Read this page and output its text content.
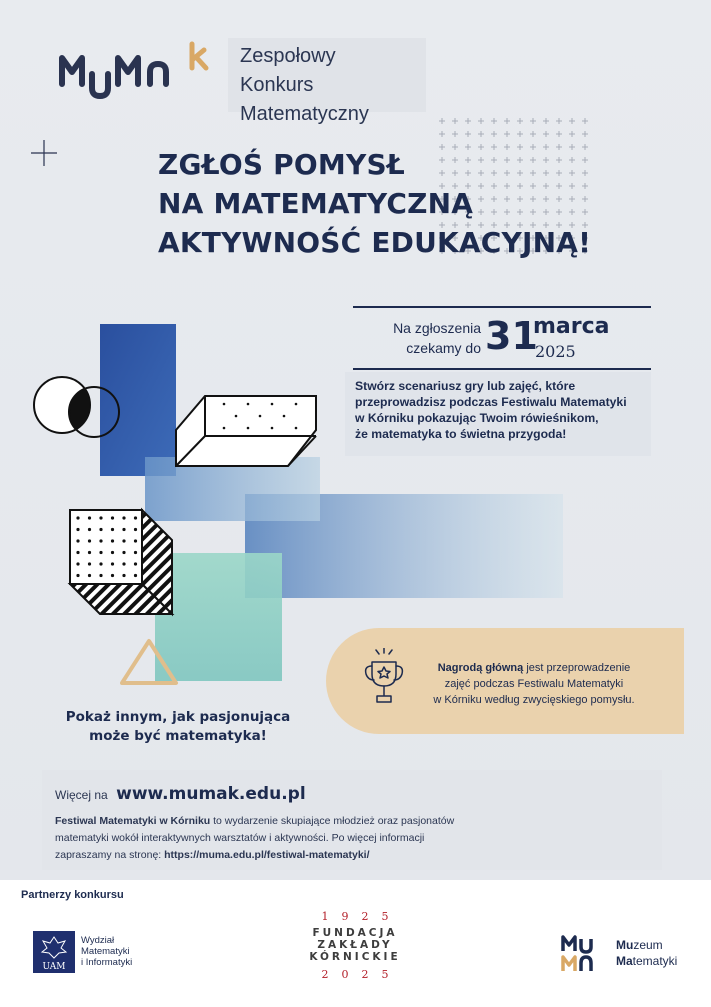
Zespołowy Konkurs
Matematyczny
ZGŁOŚ POMYSŁ
NA MATEMATYCZNĄ
AKTYWNOŚĆ EDUKACYJNĄ!
Na zgłoszenia
czekamy do 31
marca
2025
Stwórz scenariusz gry lub zajęć, które
przeprowadzisz podczas Festiwalu Matematyki
w Kórniku pokazując Twoim rówieśnikom,
że matematyka to świetna przygoda!
Nagrodą główną jest przeprowadzenie
zajęć podczas Festiwalu Matematyki
w Kórniku według zwycięskiego pomysłu.
Pokaż innym, jak pasjonująca
może być matematyka!
Więcej na www.mumak.edu.pl
Festiwal Matematyki w Kórniku to wydarzenie skupiające młodzież oraz pasjonatów
matematyki wokół interaktywnych warsztatów i aktywności. Po więcej informacji
zapraszamy na stronę: https://muma.edu.pl/festiwal-matematyki/
Partnerzy konkursu
UAM
Wydział
Matematyki
i Informatyki
1925
FUNDACJA
ZAKŁADY
KÓRNICKIE
2025
Muzeum
Matematyki
